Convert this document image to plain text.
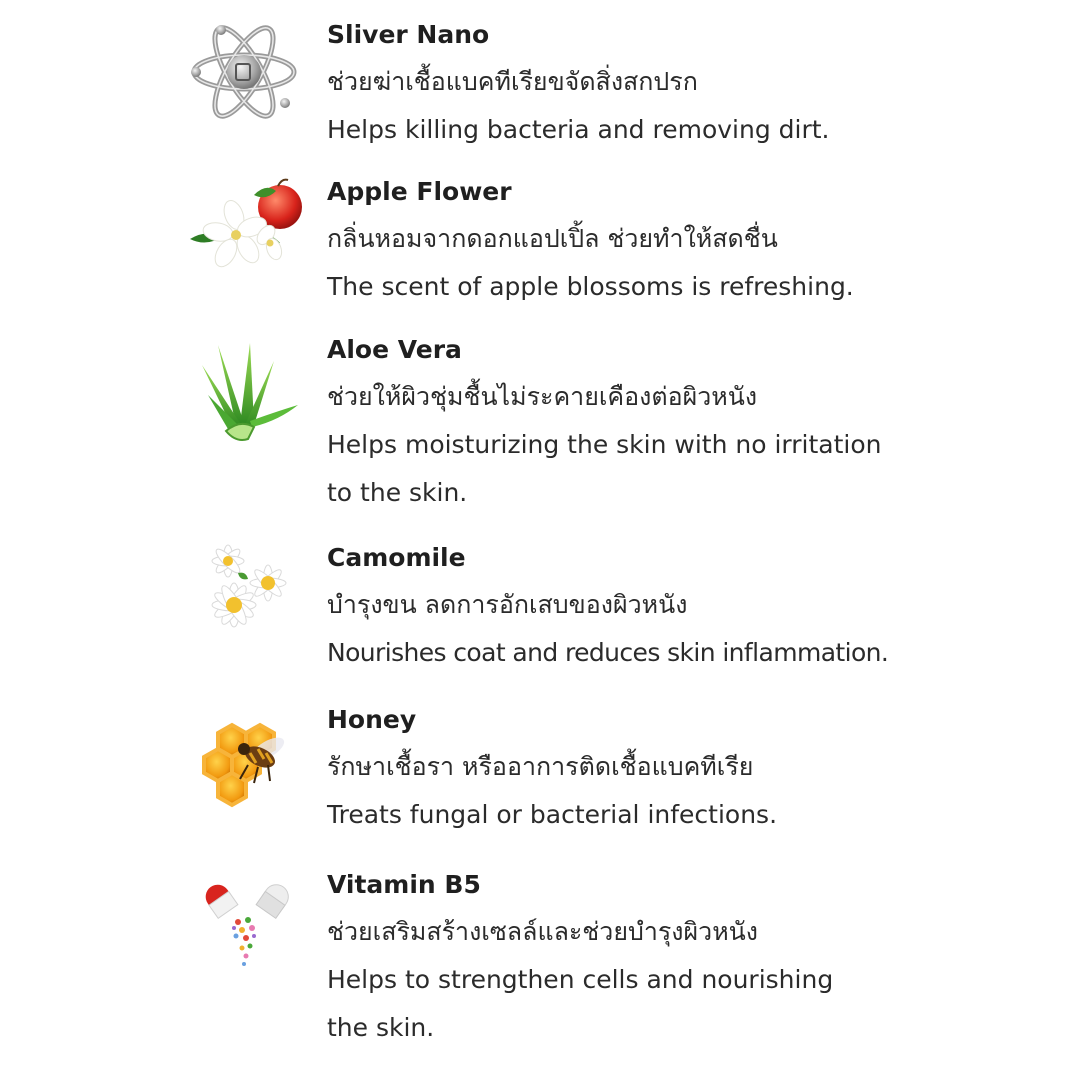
Sliver Nano

ช่วยฆ่าเชื้อแบคทีเรียขจัดสิ่งสกปรก

Helps killing bacteria and removing dirt.

Apple Flower

กลิ่นหอมจากดอกแอปเปิ้ล ช่วยทำให้สดชื่น

The scent of apple blossoms is refreshing.

Aloe Vera

ช่วยให้ผิวชุ่มชื้นไม่ระคายเคืองต่อผิวหนัง

Helps moisturizing the skin with no irritation

to the skin.

Camomile

บำรุงขน ลดการอักเสบของผิวหนัง

Nourishes coat and reduces skin inflammation.

Honey

รักษาเชื้อรา หรืออาการติดเชื้อแบคทีเรีย

Treats fungal or bacterial infections.

Vitamin B5

ช่วยเสริมสร้างเซลล์และช่วยบำรุงผิวหนัง

Helps to strengthen cells and nourishing

the skin.
